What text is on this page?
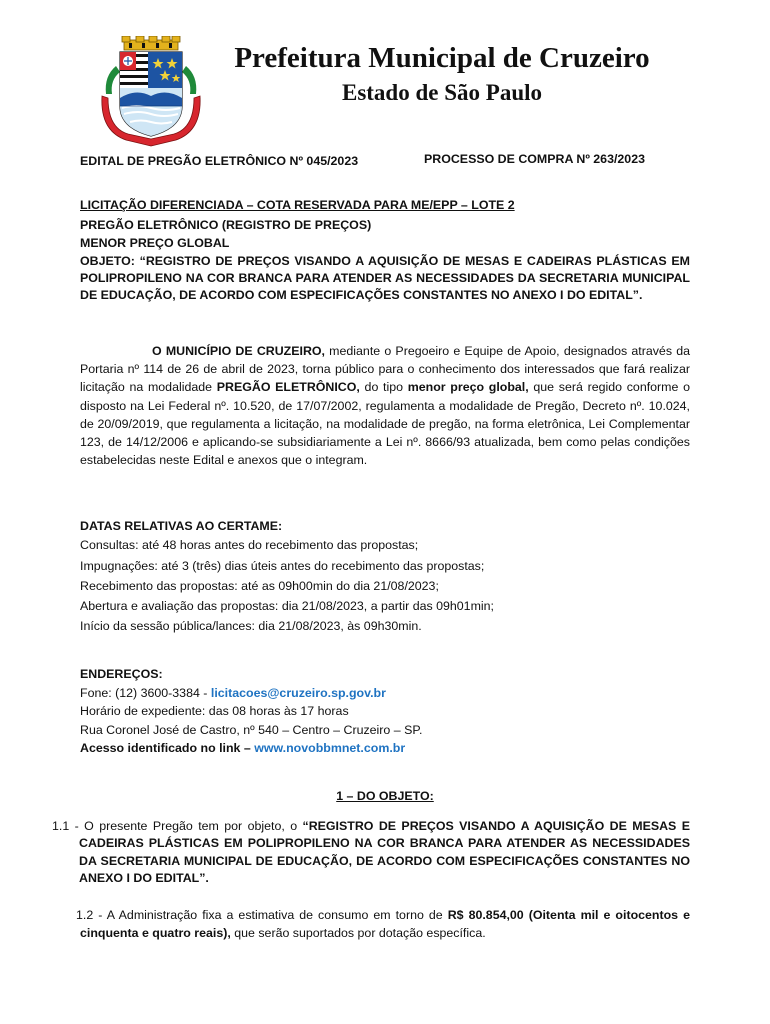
Prefeitura Municipal de Cruzeiro
Estado de São Paulo
EDITAL DE PREGÃO ELETRÔNICO Nº 045/2023	PROCESSO DE COMPRA Nº 263/2023
LICITAÇÃO DIFERENCIADA – COTA RESERVADA PARA ME/EPP – LOTE 2
PREGÃO ELETRÔNICO (REGISTRO DE PREÇOS)
MENOR PREÇO GLOBAL
OBJETO: “REGISTRO DE PREÇOS VISANDO A AQUISIÇÃO DE MESAS E CADEIRAS PLÁSTICAS EM POLIPROPILENO NA COR BRANCA PARA ATENDER AS NECESSIDADES DA SECRETARIA MUNICIPAL DE EDUCAÇÃO, DE ACORDO COM ESPECIFICAÇÕES CONSTANTES NO ANEXO I DO EDITAL”.

O MUNICÍPIO DE CRUZEIRO, mediante o Pregoeiro e Equipe de Apoio, designados através da Portaria nº 114 de 26 de abril de 2023, torna público para o conhecimento dos interessados que fará realizar licitação na modalidade PREGÃO ELETRÔNICO, do tipo menor preço global, que será regido conforme o disposto na Lei Federal nº. 10.520, de 17/07/2002, regulamenta a modalidade de Pregão, Decreto nº. 10.024, de 20/09/2019, que regulamenta a licitação, na modalidade de pregão, na forma eletrônica, Lei Complementar 123, de 14/12/2006 e aplicando-se subsidiariamente a Lei nº. 8666/93 atualizada, bem como pelas condições estabelecidas neste Edital e anexos que o integram.

DATAS RELATIVAS AO CERTAME:
Consultas: até 48 horas antes do recebimento das propostas;
Impugnações: até 3 (três) dias úteis antes do recebimento das propostas;
Recebimento das propostas: até as 09h00min do dia 21/08/2023;
Abertura e avaliação das propostas: dia 21/08/2023, a partir das 09h01min;
Início da sessão pública/lances: dia 21/08/2023, às 09h30min.
ENDEREÇOS:
Fone: (12) 3600-3384 - licitacoes@cruzeiro.sp.gov.br
Horário de expediente: das 08 horas às 17 horas
Rua Coronel José de Castro, nº 540 – Centro – Cruzeiro – SP.
Acesso identificado no link – www.novobbmnet.com.br
1 – DO OBJETO:

1.1 - O presente Pregão tem por objeto, o “REGISTRO DE PREÇOS VISANDO A AQUISIÇÃO DE MESAS E CADEIRAS PLÁSTICAS EM POLIPROPILENO NA COR BRANCA PARA ATENDER AS NECESSIDADES DA SECRETARIA MUNICIPAL DE EDUCAÇÃO, DE ACORDO COM ESPECIFICAÇÕES CONSTANTES NO ANEXO I DO EDITAL”.

1.2 - A Administração fixa a estimativa de consumo em torno de R$ 80.854,00 (Oitenta mil e oitocentos e cinquenta e quatro reais), que serão suportados por dotação específica.
